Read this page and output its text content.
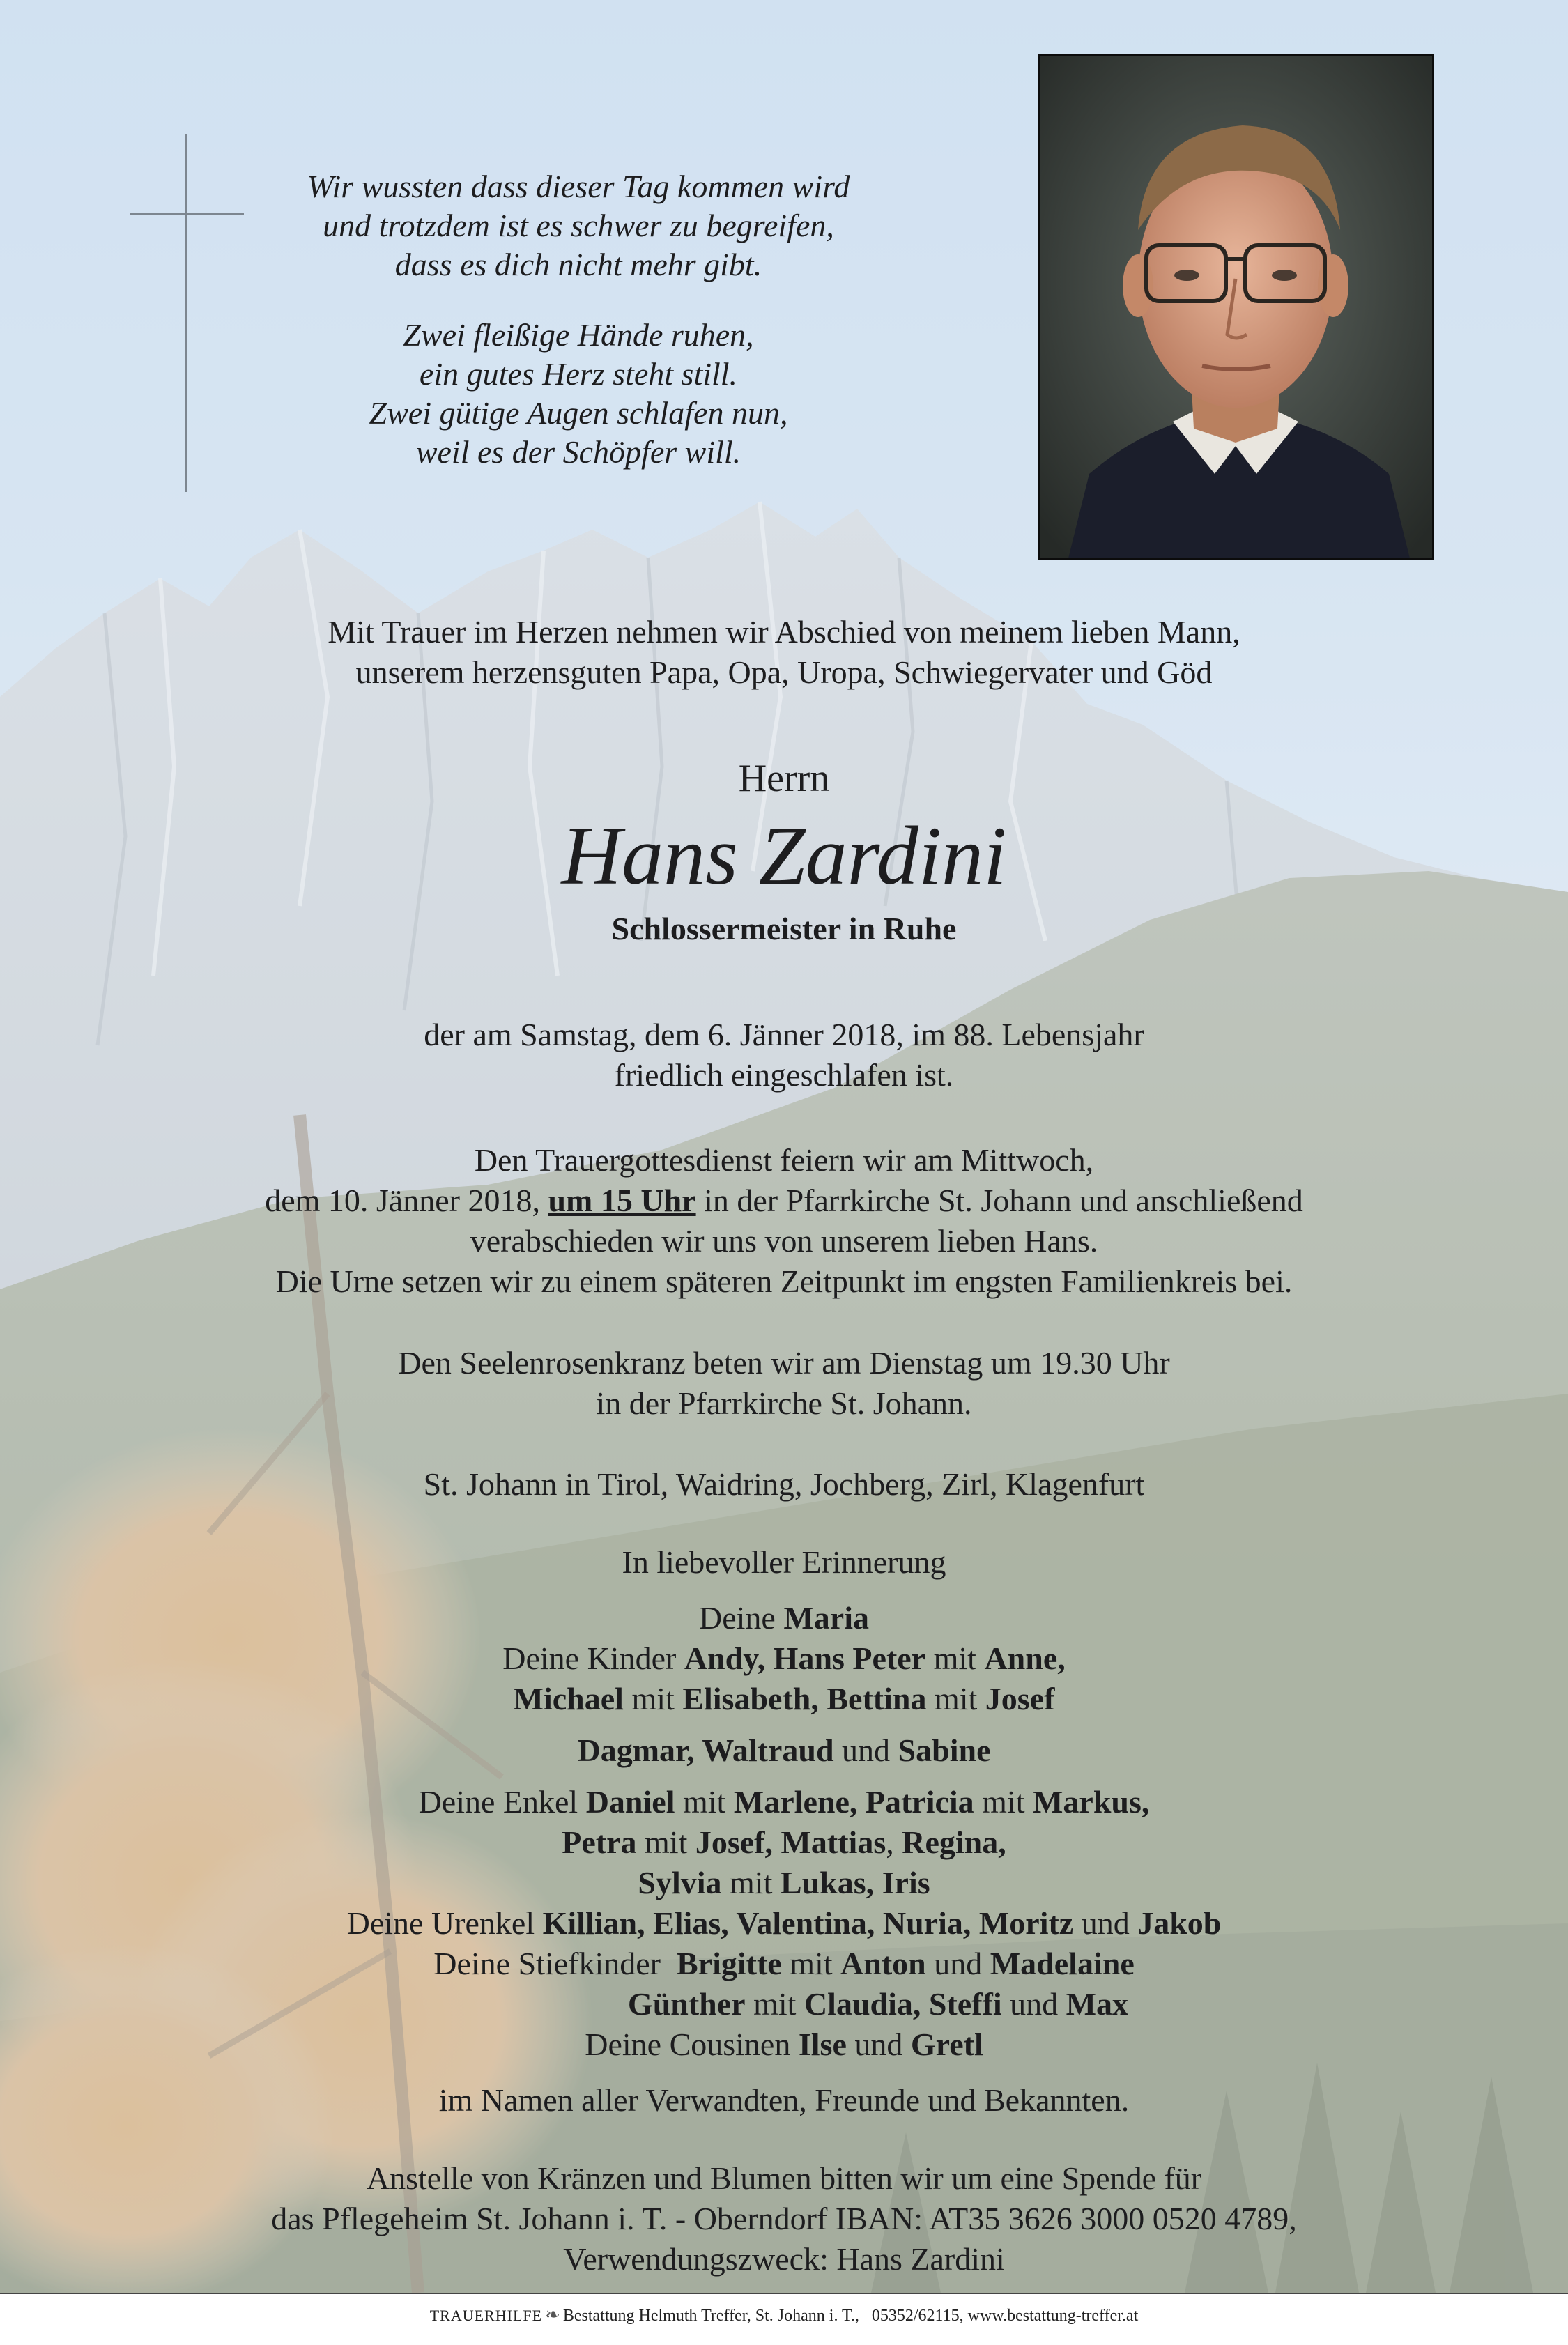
Wir wussten dass dieser Tag kommen wird
und trotzdem ist es schwer zu begreifen,
dass es dich nicht mehr gibt.
Zwei fleißige Hände ruhen,
ein gutes Herz steht still.
Zwei gütige Augen schlafen nun,
weil es der Schöpfer will.
Mit Trauer im Herzen nehmen wir Abschied von meinem lieben Mann,
unserem herzensguten Papa, Opa, Uropa, Schwiegervater und Göd
Herrn
Hans Zardini
Schlossermeister in Ruhe
der am Samstag, dem 6. Jänner 2018, im 88. Lebensjahr
friedlich eingeschlafen ist.
Den Trauergottesdienst feiern wir am Mittwoch,
dem 10. Jänner 2018, um 15 Uhr in der Pfarrkirche St. Johann und anschließend
verabschieden wir uns von unserem lieben Hans.
Die Urne setzen wir zu einem späteren Zeitpunkt im engsten Familienkreis bei.
Den Seelenrosenkranz beten wir am Dienstag um 19.30 Uhr
in der Pfarrkirche St. Johann.
St. Johann in Tirol, Waidring, Jochberg, Zirl, Klagenfurt
In liebevoller Erinnerung
Deine Maria
Deine Kinder Andy, Hans Peter mit Anne,
Michael mit Elisabeth, Bettina mit Josef
Dagmar, Waltraud und Sabine
Deine Enkel Daniel mit Marlene, Patricia mit Markus,
Petra mit Josef, Mattias, Regina,
Sylvia mit Lukas, Iris
Deine Urenkel Killian, Elias, Valentina, Nuria, Moritz und Jakob
Deine Stiefkinder  Brigitte mit Anton und Madelaine
Günther mit Claudia, Steffi und Max
Deine Cousinen Ilse und Gretl
im Namen aller Verwandten, Freunde und Bekannten.
Anstelle von Kränzen und Blumen bitten wir um eine Spende für
das Pflegeheim St. Johann i. T. - Oberndorf IBAN: AT35 3626 3000 0520 4789,
Verwendungszweck: Hans Zardini
TRAUERHILFE ❧ Bestattung Helmuth Treffer, St. Johann i. T.,   05352/62115, www.bestattung-treffer.at
